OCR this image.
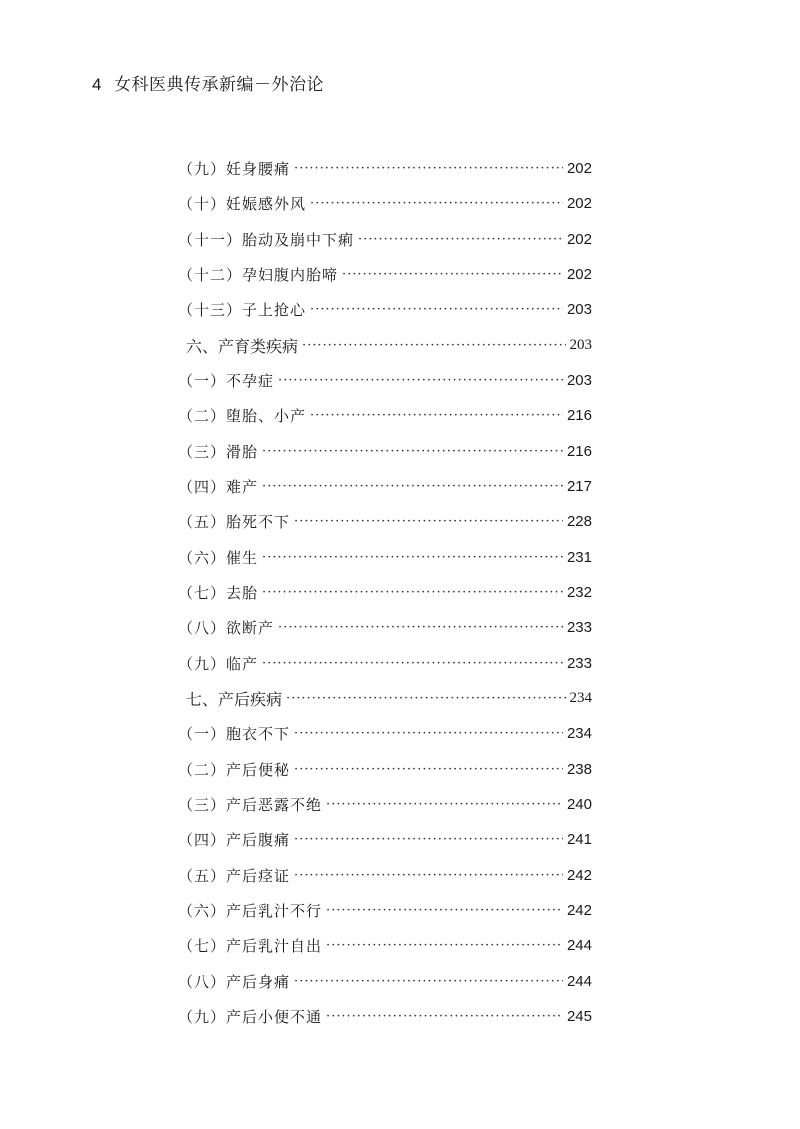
4 女科医典传承新编－外治论
（九）妊身腰痛 ·····	202
（十）妊娠感外风 ·····	202
（十一）胎动及崩中下痢 ·····	202
（十二）孕妇腹内胎啼 ·····	202
（十三）子上抢心 ·····	203
六、产育类疾病 ·····	203
（一）不孕症 ·····	203
（二）堕胎、小产 ·····	216
（三）滑胎 ·····	216
（四）难产 ·····	217
（五）胎死不下 ·····	228
（六）催生 ·····	231
（七）去胎 ·····	232
（八）欲断产 ·····	233
（九）临产 ·····	233
七、产后疾病 ·····	234
（一）胞衣不下 ·····	234
（二）产后便秘 ·····	238
（三）产后恶露不绝 ·····	240
（四）产后腹痛 ·····	241
（五）产后痉证 ·····	242
（六）产后乳汁不行 ·····	242
（七）产后乳汁自出 ·····	244
（八）产后身痛 ·····	244
（九）产后小便不通 ·····	245
